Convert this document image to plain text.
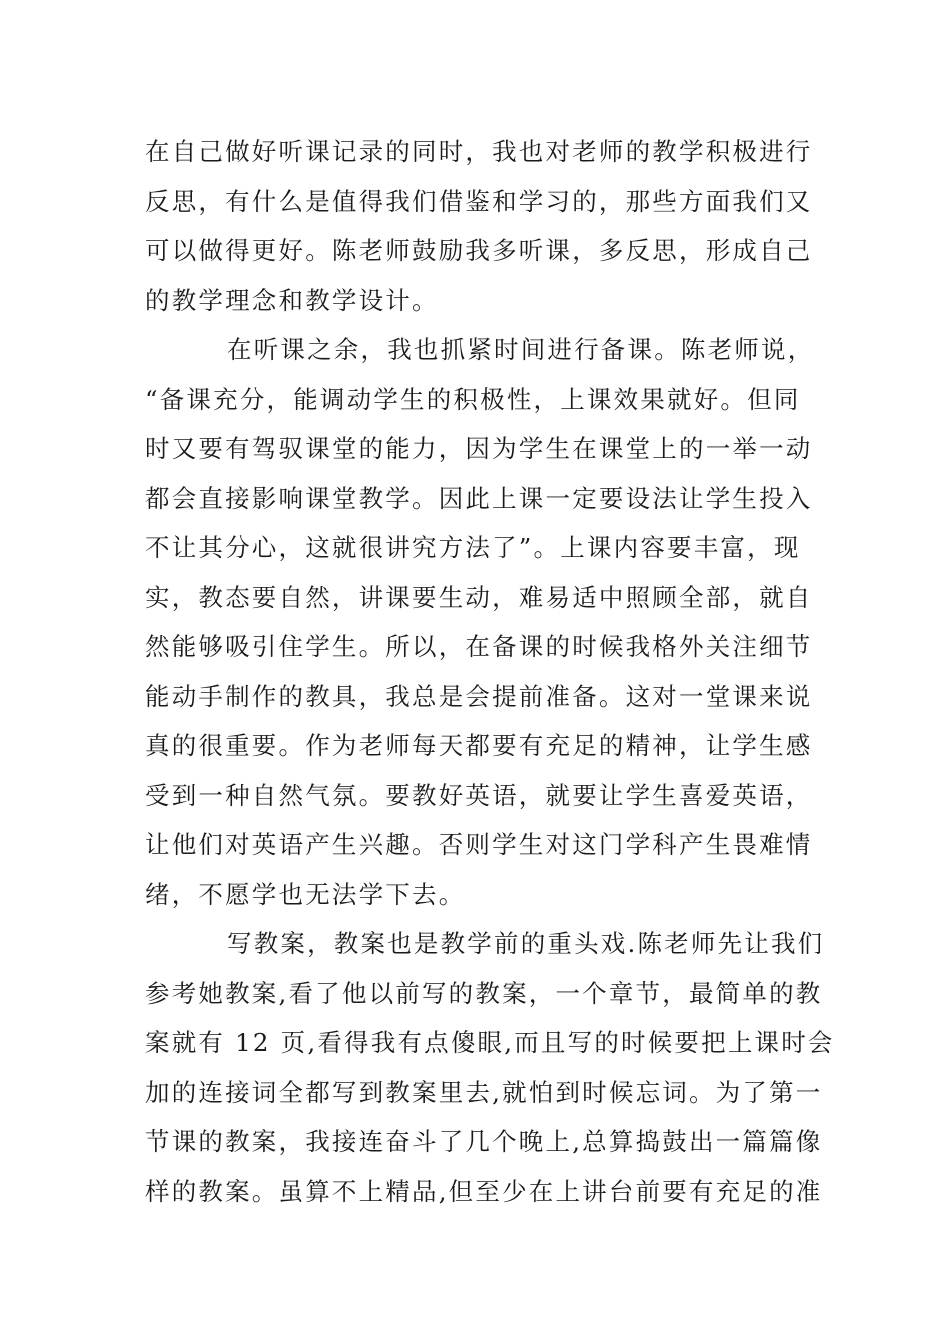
在自己做好听课记录的同时，我也对老师的教学积极进行
反思，有什么是值得我们借鉴和学习的，那些方面我们又
可以做得更好。陈老师鼓励我多听课，多反思，形成自己
的教学理念和教学设计。
在听课之余，我也抓紧时间进行备课。陈老师说，
“备课充分，能调动学生的积极性，上课效果就好。但同
时又要有驾驭课堂的能力，因为学生在课堂上的一举一动
都会直接影响课堂教学。因此上课一定要设法让学生投入
不让其分心，这就很讲究方法了”。上课内容要丰富，现
实，教态要自然，讲课要生动，难易适中照顾全部，就自
然能够吸引住学生。所以，在备课的时候我格外关注细节
能动手制作的教具，我总是会提前准备。这对一堂课来说
真的很重要。作为老师每天都要有充足的精神，让学生感
受到一种自然气氛。要教好英语，就要让学生喜爱英语，
让他们对英语产生兴趣。否则学生对这门学科产生畏难情
绪，不愿学也无法学下去。
写教案，教案也是教学前的重头戏.陈老师先让我们
参考她教案,看了他以前写的教案，一个章节，最简单的教
案就有 12 页,看得我有点傻眼,而且写的时候要把上课时会
加的连接词全都写到教案里去,就怕到时候忘词。为了第一
节课的教案，我接连奋斗了几个晚上,总算捣鼓出一篇篇像
样的教案。虽算不上精品,但至少在上讲台前要有充足的准
